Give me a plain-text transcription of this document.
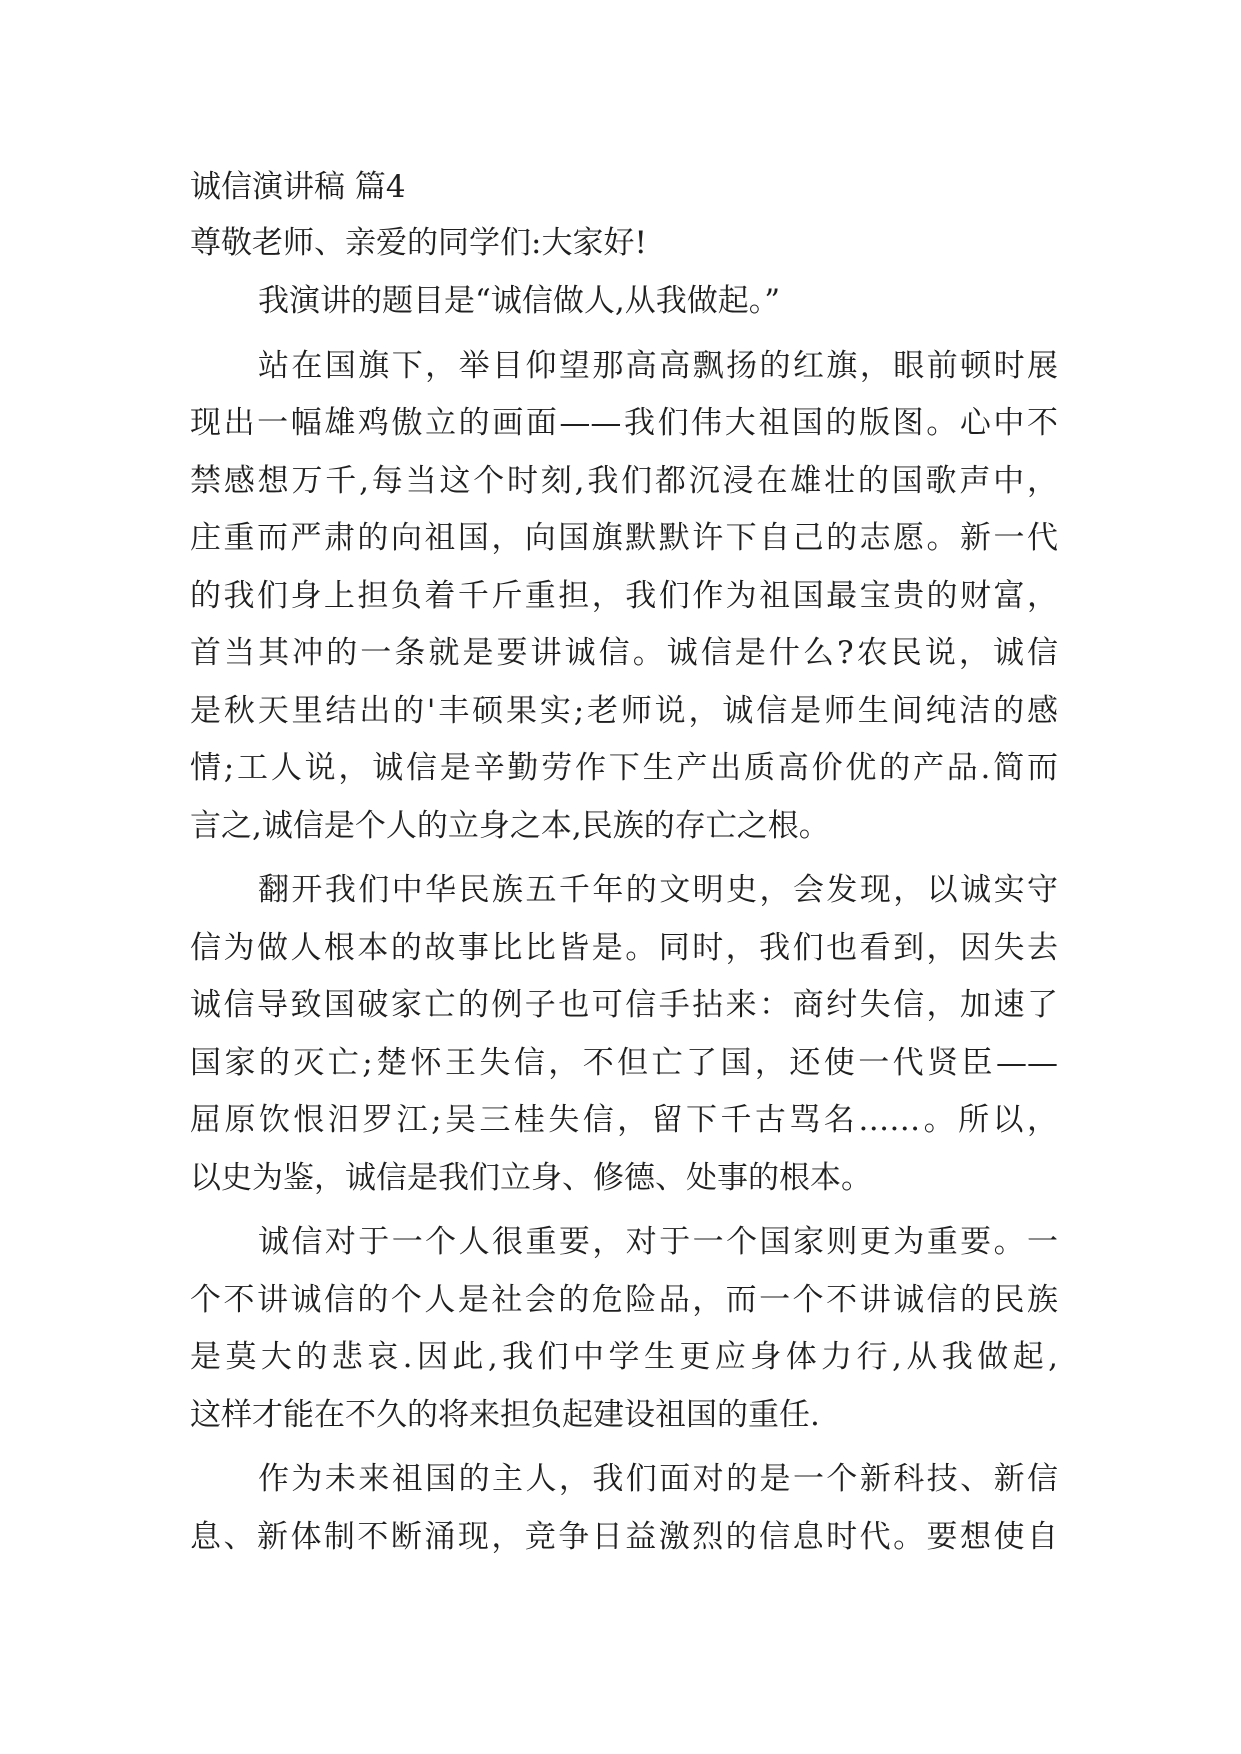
诚信演讲稿 篇4
尊敬老师、亲爱的同学们:大家好!
我演讲的题目是“诚信做人,从我做起。”
站在国旗下，举目仰望那高高飘扬的红旗，眼前顿时展
现出一幅雄鸡傲立的画面——我们伟大祖国的版图。心中不
禁感想万千,每当这个时刻,我们都沉浸在雄壮的国歌声中，
庄重而严肃的向祖国，向国旗默默许下自己的志愿。新一代
的我们身上担负着千斤重担，我们作为祖国最宝贵的财富，
首当其冲的一条就是要讲诚信。诚信是什么?农民说，诚信
是秋天里结出的'丰硕果实;老师说，诚信是师生间纯洁的感
情;工人说，诚信是辛勤劳作下生产出质高价优的产品.简而
言之,诚信是个人的立身之本,民族的存亡之根。
翻开我们中华民族五千年的文明史，会发现，以诚实守
信为做人根本的故事比比皆是。同时，我们也看到，因失去
诚信导致国破家亡的例子也可信手拈来：商纣失信，加速了
国家的灭亡;楚怀王失信，不但亡了国，还使一代贤臣——
屈原饮恨汨罗江;吴三桂失信，留下千古骂名……。所以，
以史为鉴，诚信是我们立身、修德、处事的根本。
诚信对于一个人很重要，对于一个国家则更为重要。一
个不讲诚信的个人是社会的危险品，而一个不讲诚信的民族
是莫大的悲哀.因此,我们中学生更应身体力行,从我做起,
这样才能在不久的将来担负起建设祖国的重任.
作为未来祖国的主人，我们面对的是一个新科技、新信
息、新体制不断涌现，竞争日益激烈的信息时代。要想使自
